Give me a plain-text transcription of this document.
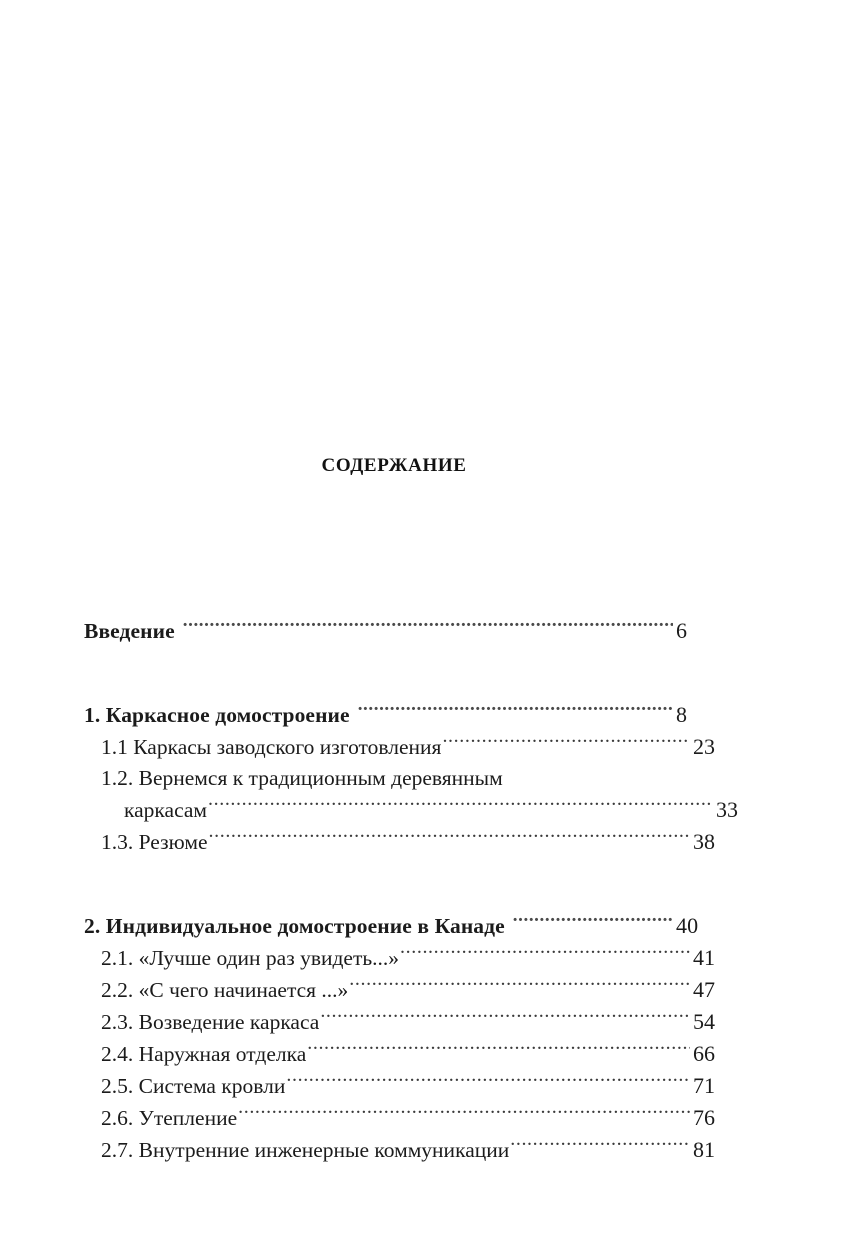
СОДЕРЖАНИЕ
Введение .....	6
1. Каркасное домостроение .....	8
1.1 Каркасы заводского изготовления .....	23
1.2. Вернемся к традиционным деревянным
каркасам .....	33
1.3. Резюме .....	38
2. Индивидуальное домостроение в Канаде .....	40
2.1. «Лучше один раз увидеть...» .....	41
2.2. «С чего начинается ...» .....	47
2.3. Возведение каркаса .....	54
2.4. Наружная отделка .....	66
2.5. Система кровли .....	71
2.6. Утепление .....	76
2.7. Внутренние инженерные коммуникации .....	81
